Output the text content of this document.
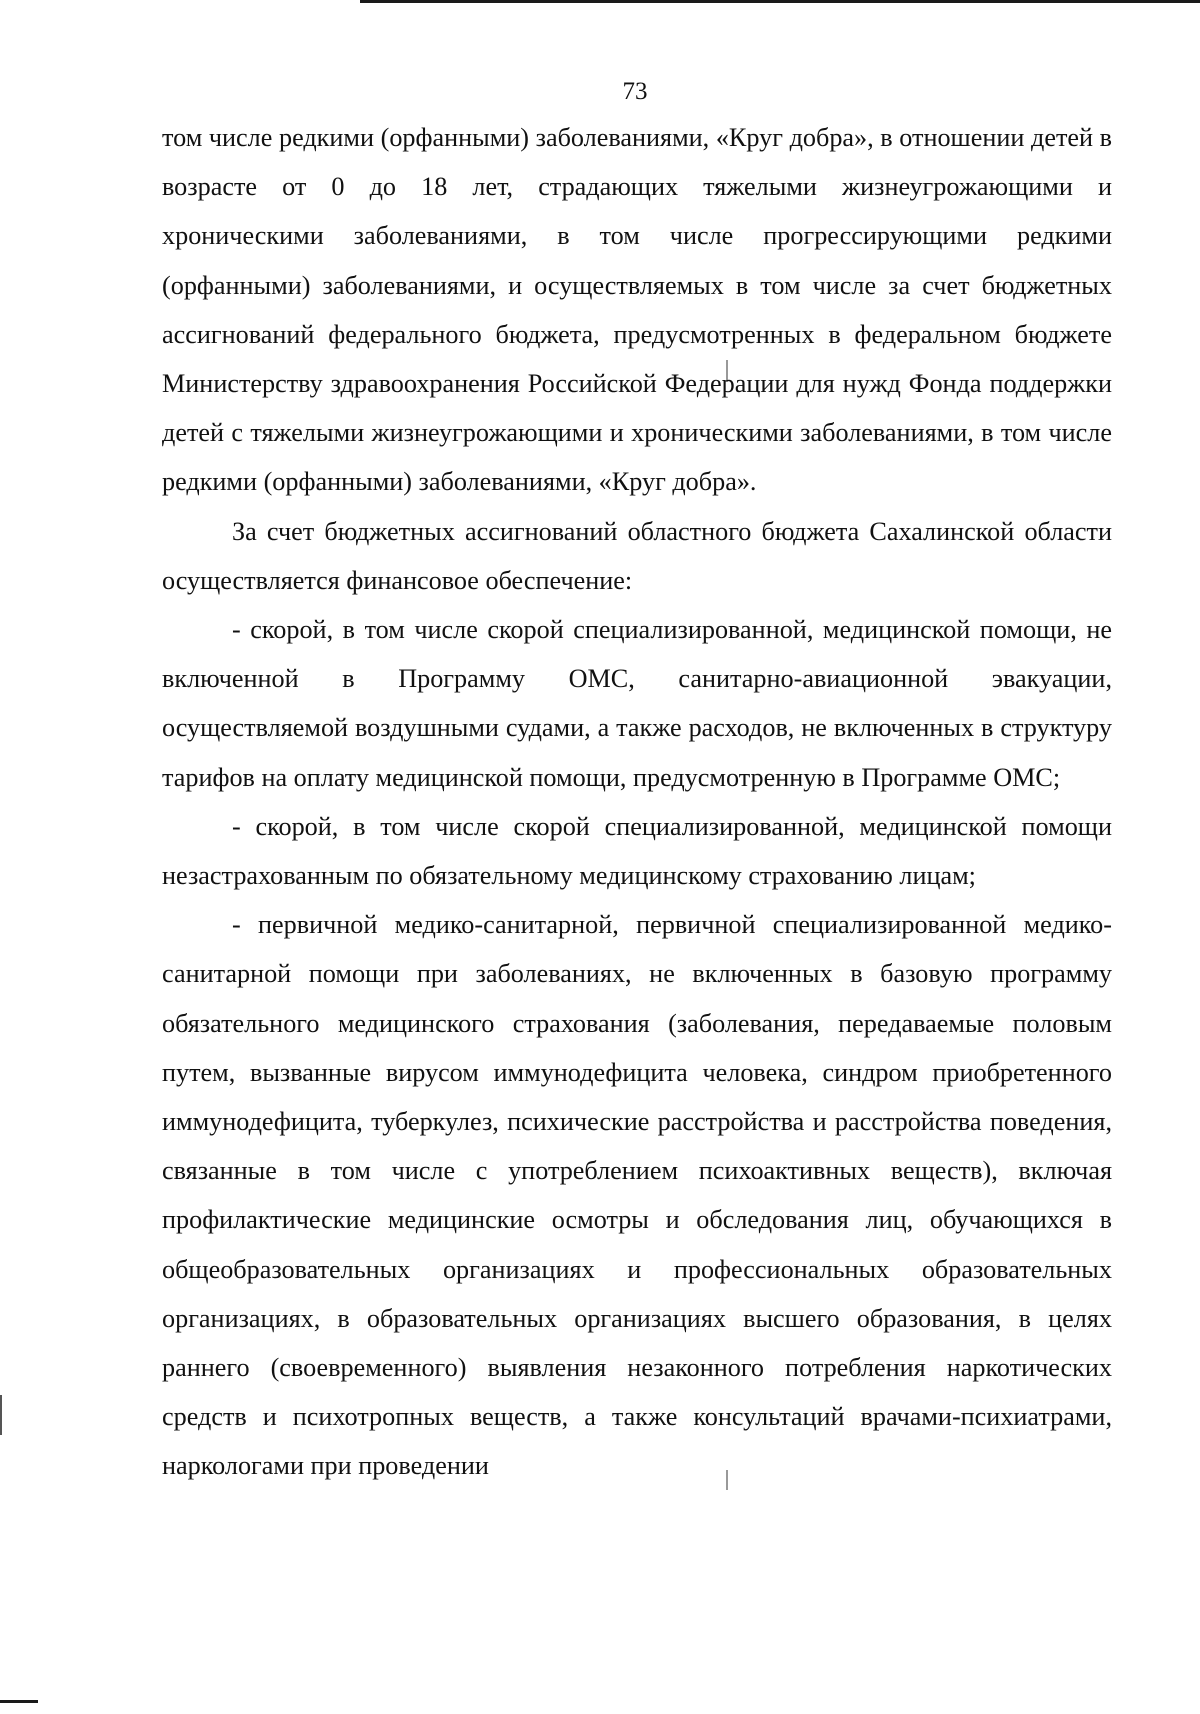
73

том числе редкими (орфанными) заболеваниями, «Круг добра», в отношении детей в возрасте от 0 до 18 лет, страдающих тяжелыми жизнеугрожающими и хроническими заболеваниями, в том числе прогрессирующими редкими (орфанными) заболеваниями, и осуществляемых в том числе за счет бюджетных ассигнований федерального бюджета, предусмотренных в федеральном бюджете Министерству здравоохранения Российской Федерации для нужд Фонда поддержки детей с тяжелыми жизнеугрожающими и хроническими заболеваниями, в том числе редкими (орфанными) заболеваниями, «Круг добра».

За счет бюджетных ассигнований областного бюджета Сахалинской области осуществляется финансовое обеспечение:

- скорой, в том числе скорой специализированной, медицинской помощи, не включенной в Программу ОМС, санитарно-авиационной эвакуации, осуществляемой воздушными судами, а также расходов, не включенных в структуру тарифов на оплату медицинской помощи, предусмотренную в Программе ОМС;

- скорой, в том числе скорой специализированной, медицинской помощи незастрахованным по обязательному медицинскому страхованию лицам;

- первичной медико-санитарной, первичной специализированной медико-санитарной помощи при заболеваниях, не включенных в базовую программу обязательного медицинского страхования (заболевания, передаваемые половым путем, вызванные вирусом иммунодефицита человека, синдром приобретенного иммунодефицита, туберкулез, психические расстройства и расстройства поведения, связанные в том числе с употреблением психоактивных веществ), включая профилактические медицинские осмотры и обследования лиц, обучающихся в общеобразовательных организациях и профессиональных образовательных организациях, в образовательных организациях высшего образования, в целях раннего (своевременного) выявления незаконного потребления наркотических средств и психотропных веществ, а также консультаций врачами-психиатрами, наркологами при проведении
